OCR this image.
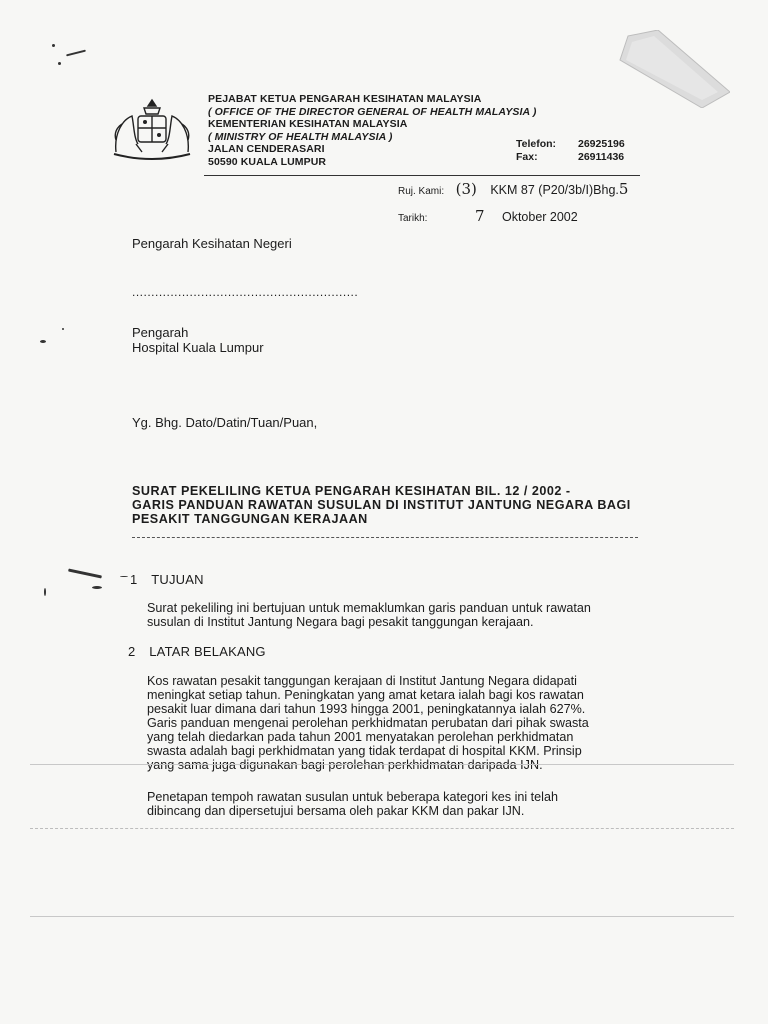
PEJABAT KETUA PENGARAH KESIHATAN MALAYSIA
( OFFICE OF THE DIRECTOR GENERAL OF HEALTH MALAYSIA )
KEMENTERIAN KESIHATAN MALAYSIA
( MINISTRY OF HEALTH MALAYSIA )
JALAN CENDERASARI
50590 KUALA LUMPUR
Telefon: 26925196
Fax:	26911436
Ruj. Kami: (3) KKM 87 (P20/3b/I)Bhg.5
Tarikh:	7 Oktober 2002
Pengarah Kesihatan Negeri
...........................................................
Pengarah
Hospital Kuala Lumpur
Yg. Bhg. Dato/Datin/Tuan/Puan,
SURAT PEKELILING KETUA PENGARAH KESIHATAN BIL. 12 / 2002 -
GARIS PANDUAN RAWATAN SUSULAN DI INSTITUT JANTUNG NEGARA BAGI
PESAKIT TANGGUNGAN KERAJAAN
1 TUJUAN
Surat pekeliling ini bertujuan untuk memaklumkan garis panduan untuk rawatan
susulan di Institut Jantung Negara bagi pesakit tanggungan kerajaan.
2 LATAR BELAKANG
Kos rawatan pesakit tanggungan kerajaan di Institut Jantung Negara didapati
meningkat setiap tahun. Peningkatan yang amat ketara ialah bagi kos rawatan
pesakit luar dimana dari tahun 1993 hingga 2001, peningkatannya ialah 627%.
Garis panduan mengenai perolehan perkhidmatan perubatan dari pihak swasta
yang telah diedarkan pada tahun 2001 menyatakan perolehan perkhidmatan
swasta adalah bagi perkhidmatan yang tidak terdapat di hospital KKM. Prinsip
yang sama juga digunakan bagi perolehan perkhidmatan daripada IJN.
Penetapan tempoh rawatan susulan untuk beberapa kategori kes ini telah
dibincang dan dipersetujui bersama oleh pakar KKM dan pakar IJN.
